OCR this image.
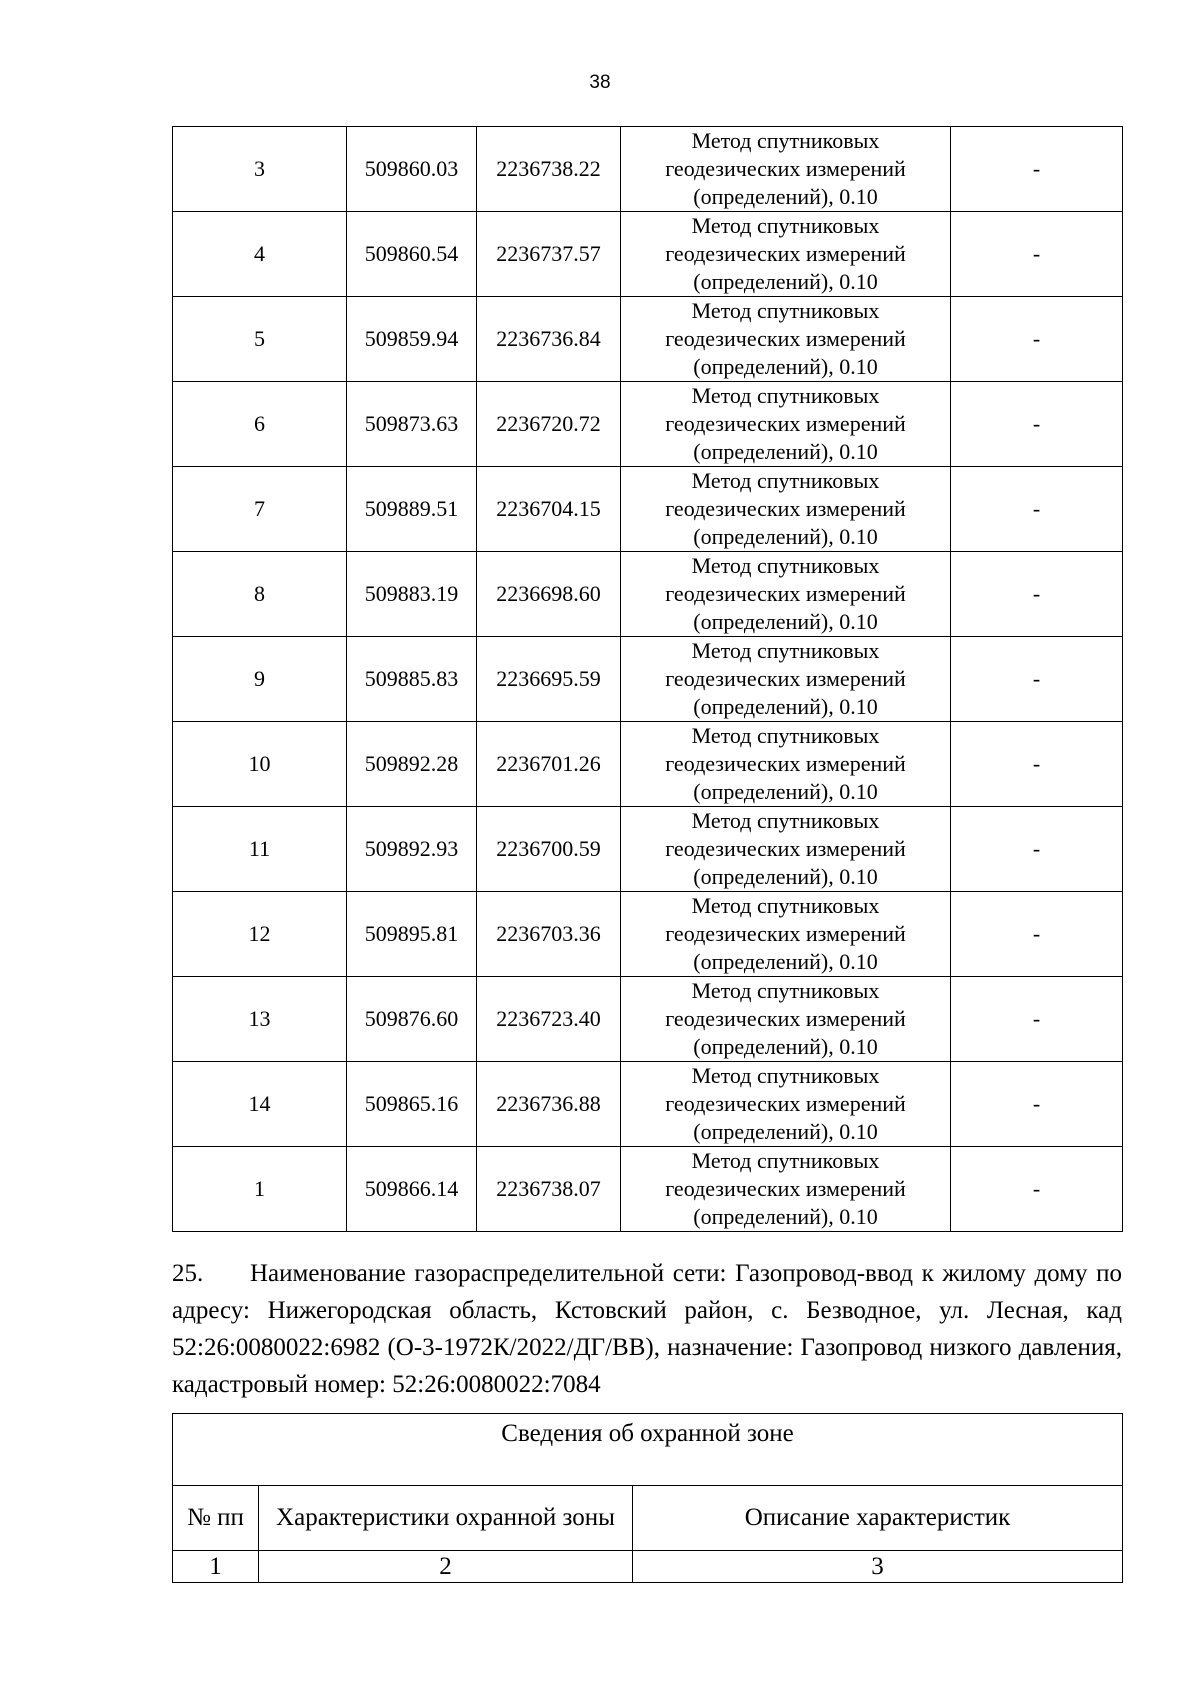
38
3	509860.03	2236738.22	Метод спутниковых
геодезических измерений
(определений), 0.10	-
4	509860.54	2236737.57	Метод спутниковых
геодезических измерений
(определений), 0.10	-
5	509859.94	2236736.84	Метод спутниковых
геодезических измерений
(определений), 0.10	-
6	509873.63	2236720.72	Метод спутниковых
геодезических измерений
(определений), 0.10	-
7	509889.51	2236704.15	Метод спутниковых
геодезических измерений
(определений), 0.10	-
8	509883.19	2236698.60	Метод спутниковых
геодезических измерений
(определений), 0.10	-
9	509885.83	2236695.59	Метод спутниковых
геодезических измерений
(определений), 0.10	-
10	509892.28	2236701.26	Метод спутниковых
геодезических измерений
(определений), 0.10	-
11	509892.93	2236700.59	Метод спутниковых
геодезических измерений
(определений), 0.10	-
12	509895.81	2236703.36	Метод спутниковых
геодезических измерений
(определений), 0.10	-
13	509876.60	2236723.40	Метод спутниковых
геодезических измерений
(определений), 0.10	-
14	509865.16	2236736.88	Метод спутниковых
геодезических измерений
(определений), 0.10	-
1	509866.14	2236738.07	Метод спутниковых
геодезических измерений
(определений), 0.10	-

25. Наименование газораспределительной сети: Газопровод-ввод к жилому дому по адресу: Нижегородская область, Кстовский район, с. Безводное, ул. Лесная, кад 52:26:0080022:6982 (О-3-1972К/2022/ДГ/ВВ), назначение: Газопровод низкого давления, кадастровый номер: 52:26:0080022:7084

Сведения об охранной зоне		
№ пп	Характеристики охранной зоны	Описание характеристик
1	2	3
